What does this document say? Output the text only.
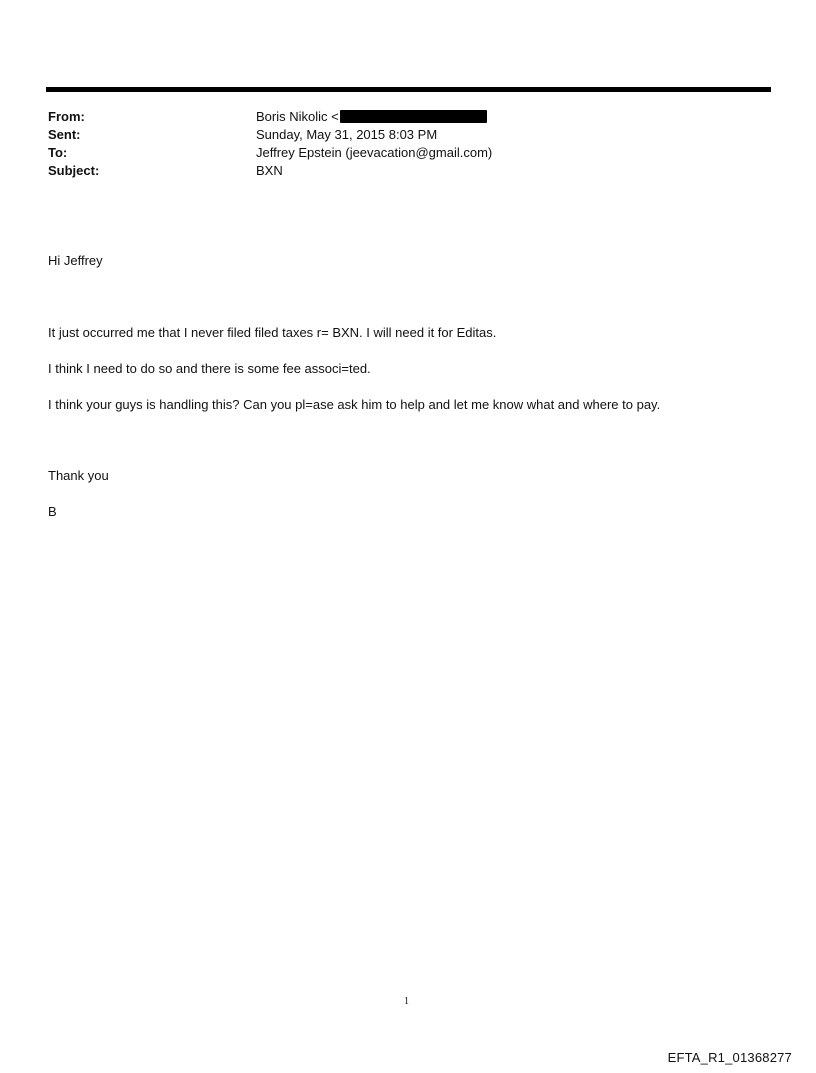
From:	Boris Nikolic <
Sent:	Sunday, May 31, 2015 8:03 PM
To:	Jeffrey Epstein (jeevacation@gmail.com)
Subject:	BXN
Hi Jeffrey
It just occurred me that I never filed filed taxes r= BXN. I will need it for Editas.
I think I need to do so and there is some fee associ=ted.
I think your guys is handling this? Can you pl=ase ask him to help and let me know what and where to pay.
Thank you
B
1
EFTA_R1_01368277
